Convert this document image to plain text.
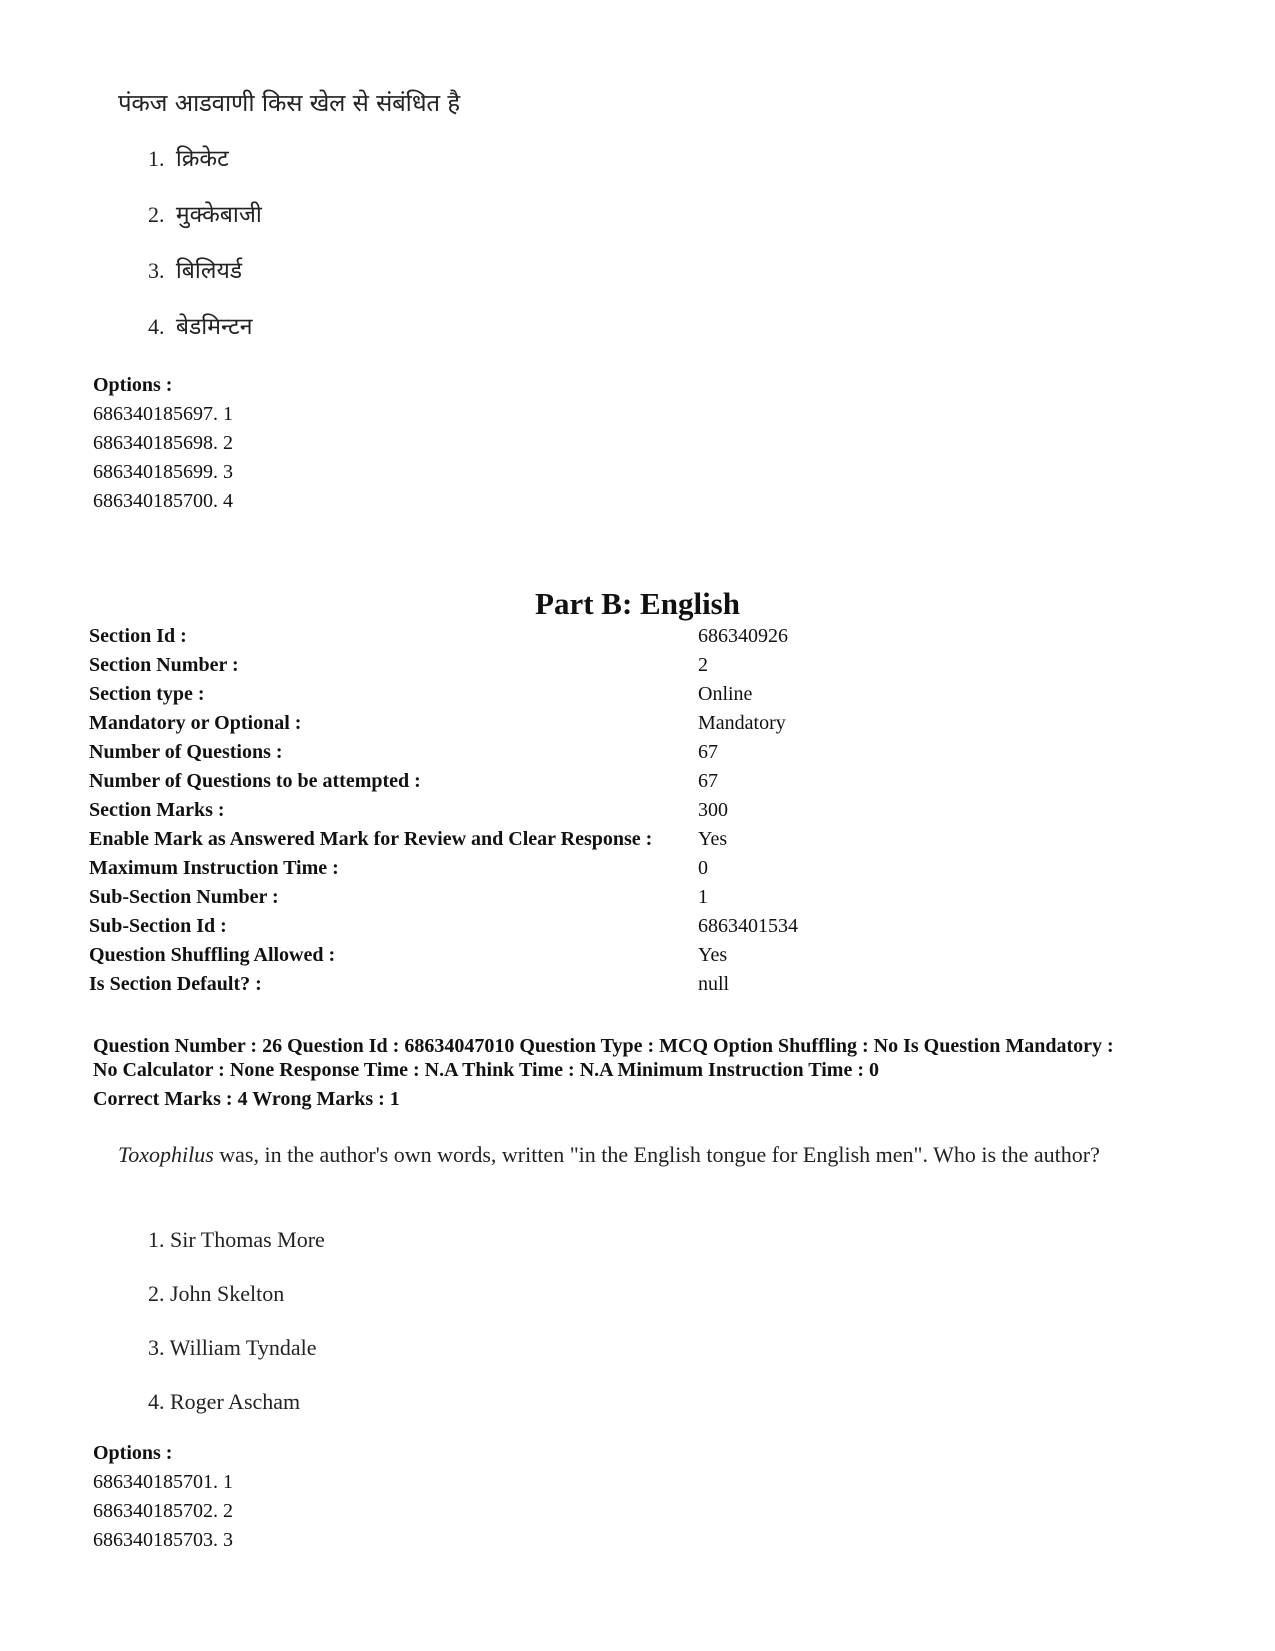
पंकज आडवाणी किस खेल से संबंधित है
1. क्रिकेट
2. मुक्केबाजी
3. बिलियर्ड
4. बेडमिन्टन
Options :
686340185697. 1
686340185698. 2
686340185699. 3
686340185700. 4
Part B: English
Section Id :	686340926
Section Number :	2
Section type :	Online
Mandatory or Optional :	Mandatory
Number of Questions :	67
Number of Questions to be attempted :	67
Section Marks :	300
Enable Mark as Answered Mark for Review and Clear Response : Yes
Maximum Instruction Time :	0
Sub-Section Number :	1
Sub-Section Id :	6863401534
Question Shuffling Allowed :	Yes
Is Section Default? :	null
Question Number : 26 Question Id : 68634047010 Question Type : MCQ Option Shuffling : No Is Question Mandatory :
No Calculator : None Response Time : N.A Think Time : N.A Minimum Instruction Time : 0
Correct Marks : 4 Wrong Marks : 1
Toxophilus was, in the author's own words, written "in the English tongue for English men". Who is the author?
1. Sir Thomas More
2. John Skelton
3. William Tyndale
4. Roger Ascham
Options :
686340185701. 1
686340185702. 2
686340185703. 3
